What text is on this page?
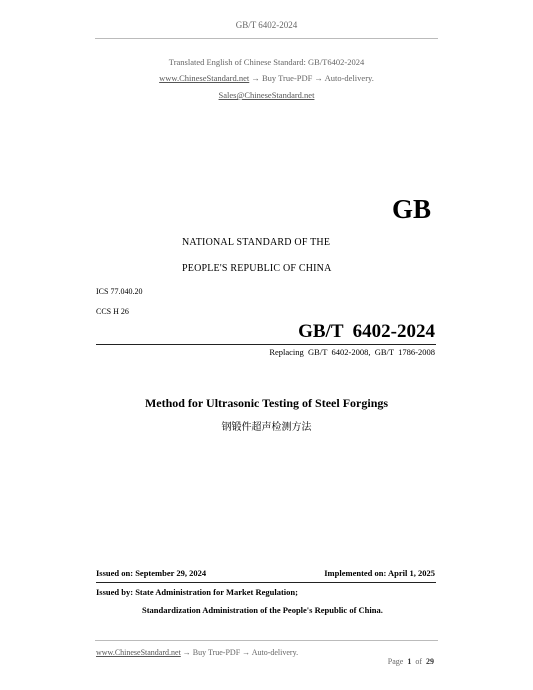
GB/T 6402-2024
Translated English of Chinese Standard: GB/T6402-2024
www.ChineseStandard.net → Buy True-PDF → Auto-delivery.
Sales@ChineseStandard.net
GB
NATIONAL STANDARD OF THE
PEOPLE'S REPUBLIC OF CHINA
ICS 77.040.20
CCS H 26
GB/T  6402-2024
Replacing  GB/T  6402-2008,  GB/T  1786-2008
Method for Ultrasonic Testing of Steel Forgings
钢锻件超声检测方法
Issued on: September 29, 2024	Implemented on: April 1, 2025
Issued by: State Administration for Market Regulation;
Standardization Administration of the People's Republic of China.
www.ChineseStandard.net → Buy True-PDF → Auto-delivery.

Page 1 of 29
